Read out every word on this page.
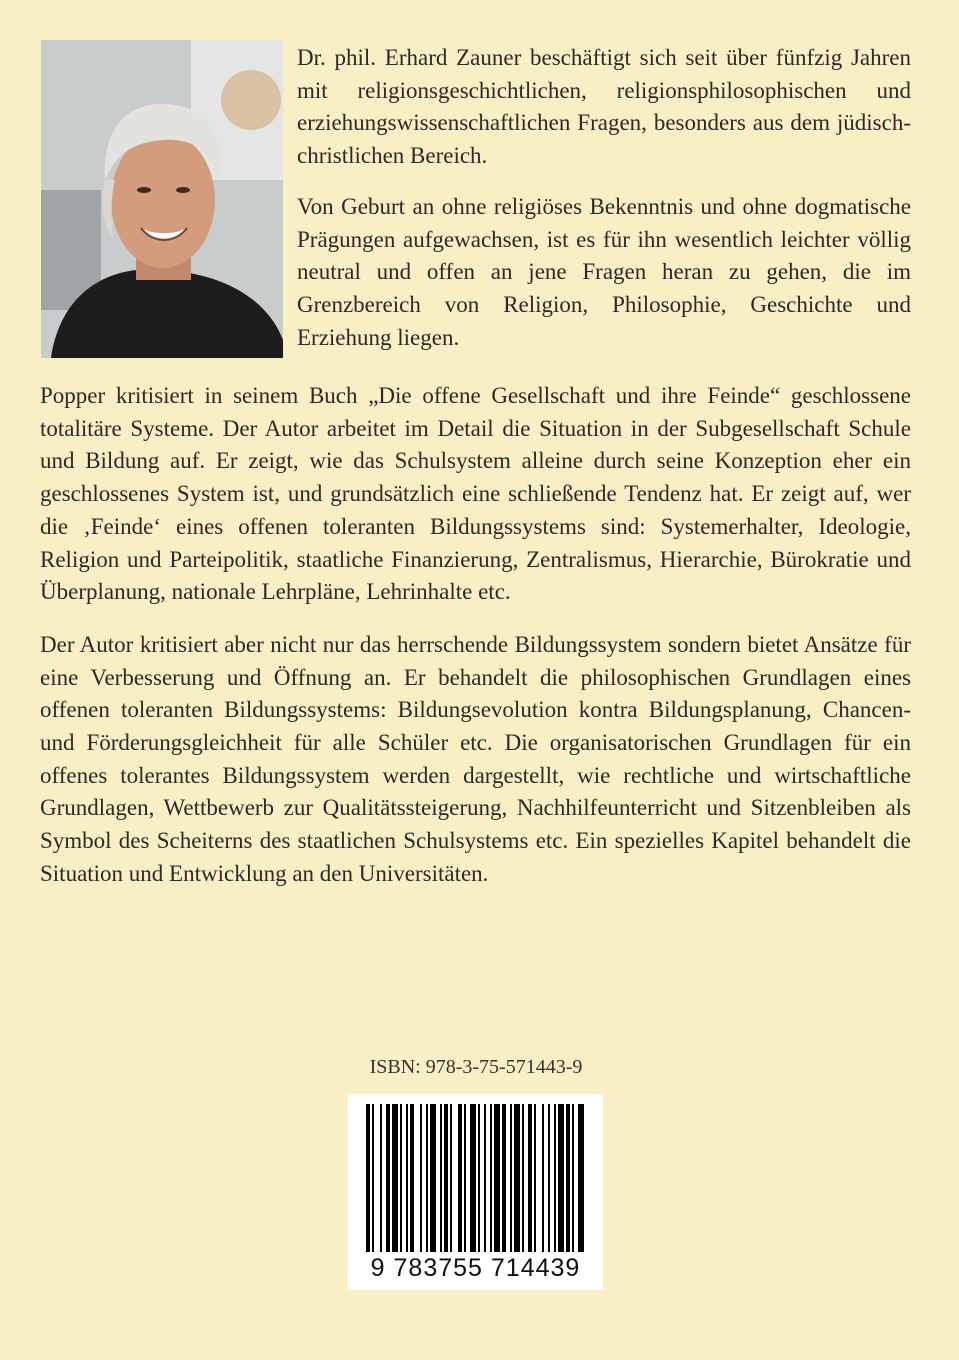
Dr. phil. Erhard Zauner beschäftigt sich seit über fünfzig Jahren mit religionsgeschichtlichen, religionsphilosophischen und erziehungswissenschaftlichen Fragen, besonders aus dem jüdisch-christlichen Bereich.

Von Geburt an ohne religiöses Bekenntnis und ohne dogmatische Prägungen aufgewachsen, ist es für ihn wesentlich leichter völlig neutral und offen an jene Fragen heran zu gehen, die im Grenzbereich von Religion, Philosophie, Geschichte und Erziehung liegen.

Popper kritisiert in seinem Buch „Die offene Gesellschaft und ihre Feinde“ geschlossene totalitäre Systeme. Der Autor arbeitet im Detail die Situation in der Subgesellschaft Schule und Bildung auf. Er zeigt, wie das Schulsystem alleine durch seine Konzeption eher ein geschlossenes System ist, und grundsätzlich eine schließende Tendenz hat. Er zeigt auf, wer die ‚Feinde‘ eines offenen toleranten Bildungssystems sind: Systemerhalter, Ideologie, Religion und Parteipolitik, staatliche Finanzierung, Zentralismus, Hierarchie, Bürokratie und Überplanung, nationale Lehrpläne, Lehrinhalte etc.

Der Autor kritisiert aber nicht nur das herrschende Bildungssystem sondern bietet Ansätze für eine Verbesserung und Öffnung an. Er behandelt die philosophischen Grundlagen eines offenen toleranten Bildungssystems: Bildungsevolution kontra Bildungsplanung, Chancen- und Förderungsgleichheit für alle Schüler etc. Die organisatorischen Grundlagen für ein offenes tolerantes Bildungssystem werden dargestellt, wie rechtliche und wirtschaftliche Grundlagen, Wettbewerb zur Qualitätssteigerung, Nachhilfeunterricht und Sitzenbleiben als Symbol des Scheiterns des staatlichen Schulsystems etc. Ein spezielles Kapitel behandelt die Situation und Entwicklung an den Universitäten.

ISBN: 978-3-75-571443-9
9 783755 714439
